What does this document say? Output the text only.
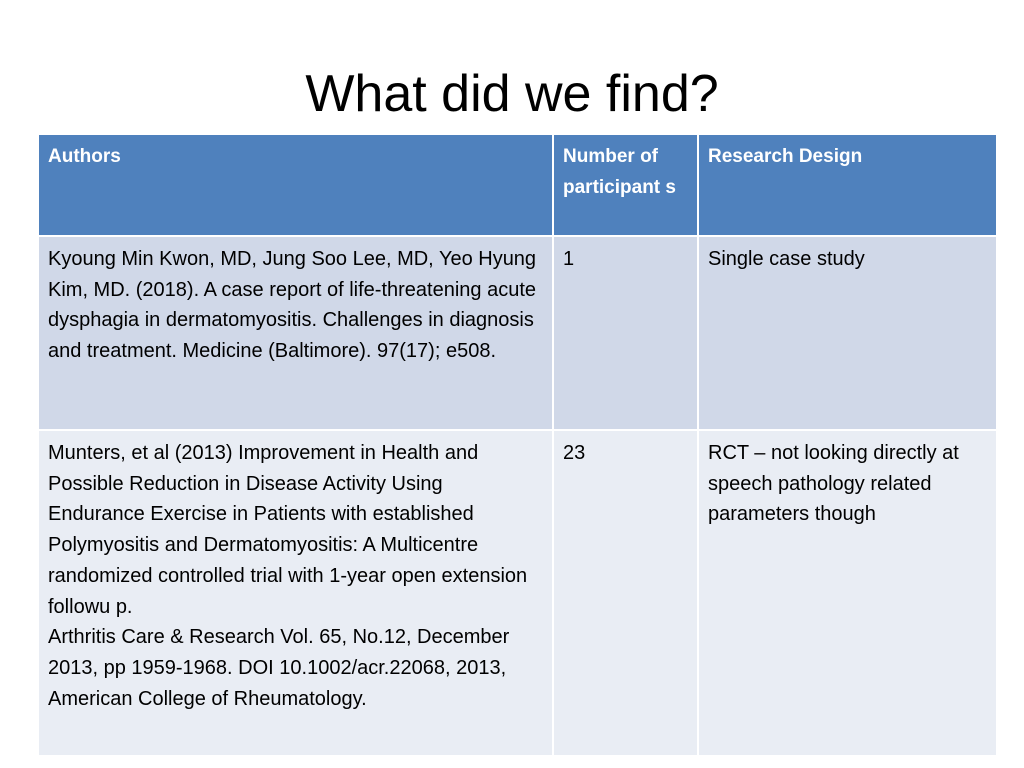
What did we find?
Authors	Number of participant s	Research Design
Kyoung Min Kwon, MD, Jung Soo Lee, MD, Yeo Hyung Kim, MD. (2018). A case report of life-threatening acute dysphagia in dermatomyositis. Challenges in diagnosis and treatment. Medicine (Baltimore). 97(17); e508.	1	Single case study

Munters, et al (2013) Improvement in Health and Possible Reduction in Disease Activity Using Endurance Exercise in Patients with established Polymyositis and Dermatomyositis: A Multicentre randomized controlled trial with 1-year open extension followu p.
Arthritis Care & Research Vol. 65, No.12, December 2013, pp 1959-1968. DOI 10.1002/acr.22068, 2013, American College of Rheumatology.	23	RCT – not looking directly at speech pathology related parameters though
